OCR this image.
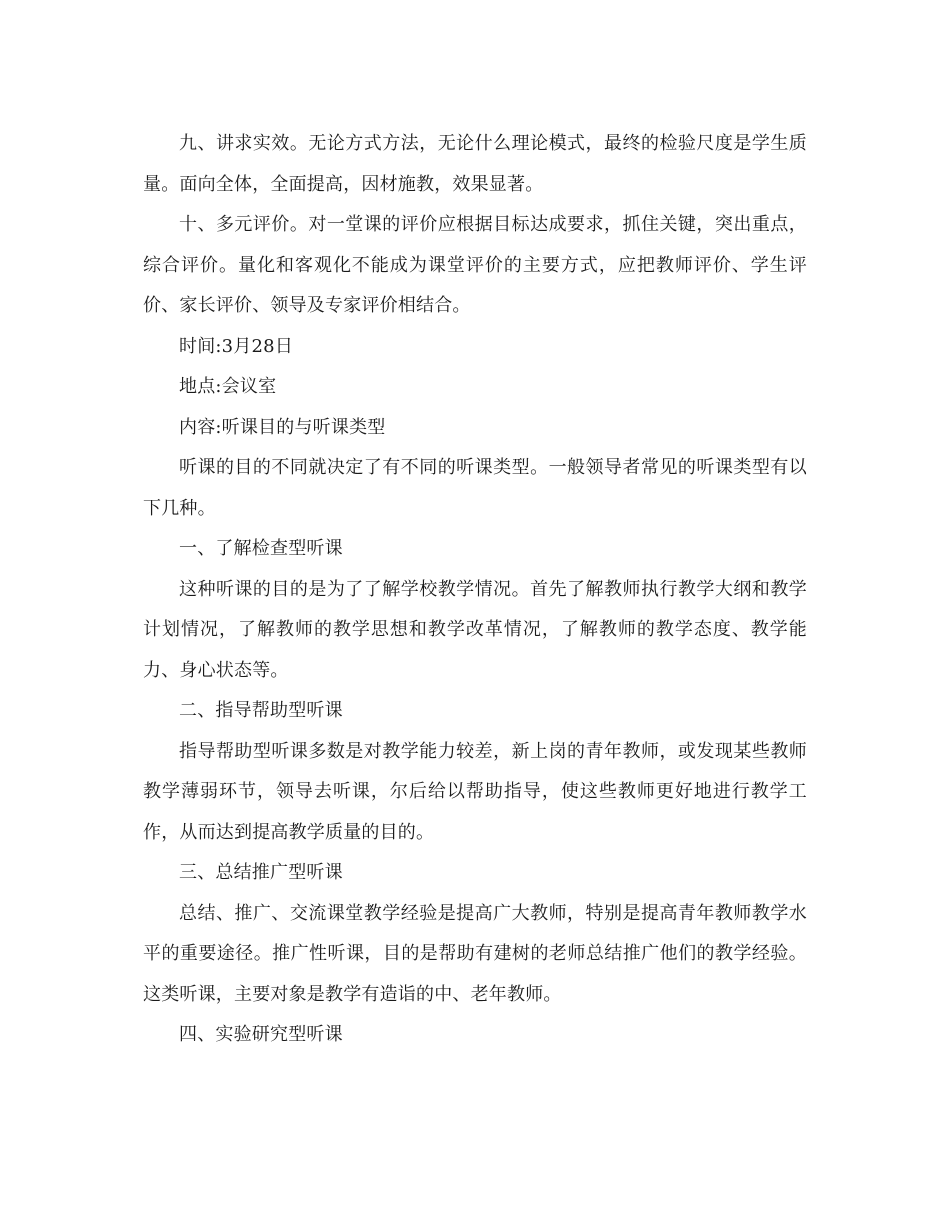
九、讲求实效。无论方式方法，无论什么理论模式，最终的检验尺度是学生质量。面向全体，全面提高，因材施教，效果显著。

十、多元评价。对一堂课的评价应根据目标达成要求，抓住关键，突出重点，综合评价。量化和客观化不能成为课堂评价的主要方式，应把教师评价、学生评价、家长评价、领导及专家评价相结合。

时间:3月28日

地点:会议室

内容:听课目的与听课类型

听课的目的不同就决定了有不同的听课类型。一般领导者常见的听课类型有以下几种。

一、了解检查型听课

这种听课的目的是为了了解学校教学情况。首先了解教师执行教学大纲和教学计划情况，了解教师的教学思想和教学改革情况，了解教师的教学态度、教学能力、身心状态等。

二、指导帮助型听课

指导帮助型听课多数是对教学能力较差，新上岗的青年教师，或发现某些教师教学薄弱环节，领导去听课，尔后给以帮助指导，使这些教师更好地进行教学工作，从而达到提高教学质量的目的。

三、总结推广型听课

总结、推广、交流课堂教学经验是提高广大教师，特别是提高青年教师教学水平的重要途径。推广性听课，目的是帮助有建树的老师总结推广他们的教学经验。这类听课，主要对象是教学有造诣的中、老年教师。

四、实验研究型听课
